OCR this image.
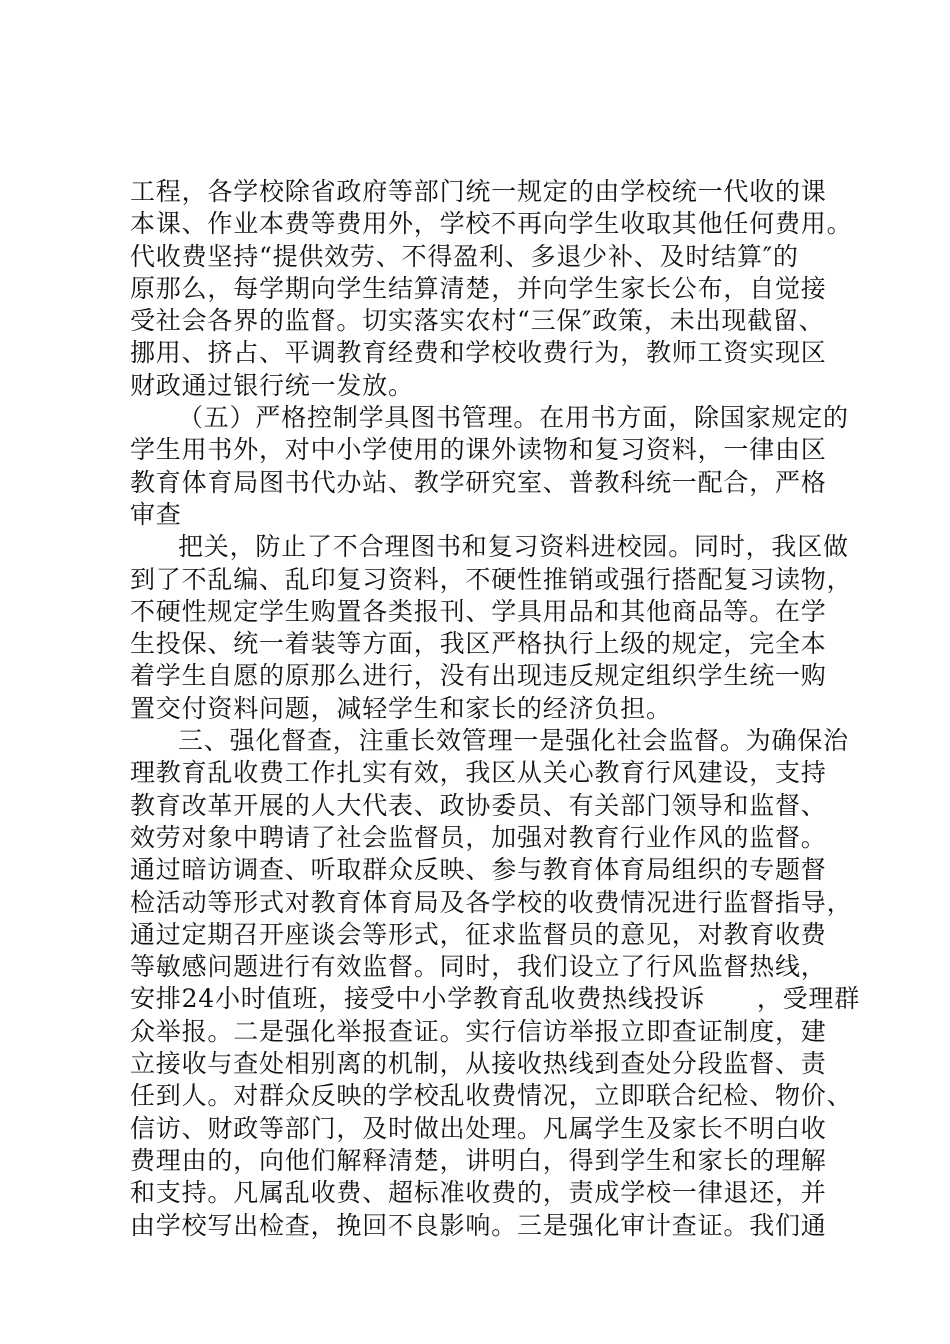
工程，各学校除省政府等部门统一规定的由学校统一代收的课
本课、作业本费等费用外，学校不再向学生收取其他任何费用。
代收费坚持“提供效劳、不得盈利、多退少补、及时结算″的
原那么，每学期向学生结算清楚，并向学生家长公布，自觉接
受社会各界的监督。切实落实农村“三保″政策，未出现截留、
挪用、挤占、平调教育经费和学校收费行为，教师工资实现区
财政通过银行统一发放。
（五）严格控制学具图书管理。在用书方面，除国家规定的
学生用书外，对中小学使用的课外读物和复习资料，一律由区
教育体育局图书代办站、教学研究室、普教科统一配合，严格
审查
把关，防止了不合理图书和复习资料进校园。同时，我区做
到了不乱编、乱印复习资料，不硬性推销或强行搭配复习读物，
不硬性规定学生购置各类报刊、学具用品和其他商品等。在学
生投保、统一着装等方面，我区严格执行上级的规定，完全本
着学生自愿的原那么进行，没有出现违反规定组织学生统一购
置交付资料问题，减轻学生和家长的经济负担。
三、强化督查，注重长效管理一是强化社会监督。为确保治
理教育乱收费工作扎实有效，我区从关心教育行风建设，支持
教育改革开展的人大代表、政协委员、有关部门领导和监督、
效劳对象中聘请了社会监督员，加强对教育行业作风的监督。
通过暗访调查、听取群众反映、参与教育体育局组织的专题督
检活动等形式对教育体育局及各学校的收费情况进行监督指导，
通过定期召开座谈会等形式，征求监督员的意见，对教育收费
等敏感问题进行有效监督。同时，我们设立了行风监督热线，
安排24小时值班，接受中小学教育乱收费热线投诉　　，受理群
众举报。二是强化举报查证。实行信访举报立即查证制度，建
立接收与查处相别离的机制，从接收热线到查处分段监督、责
任到人。对群众反映的学校乱收费情况，立即联合纪检、物价、
信访、财政等部门，及时做出处理。凡属学生及家长不明白收
费理由的，向他们解释清楚，讲明白，得到学生和家长的理解
和支持。凡属乱收费、超标准收费的，责成学校一律退还，并
由学校写出检查，挽回不良影响。三是强化审计查证。我们通
